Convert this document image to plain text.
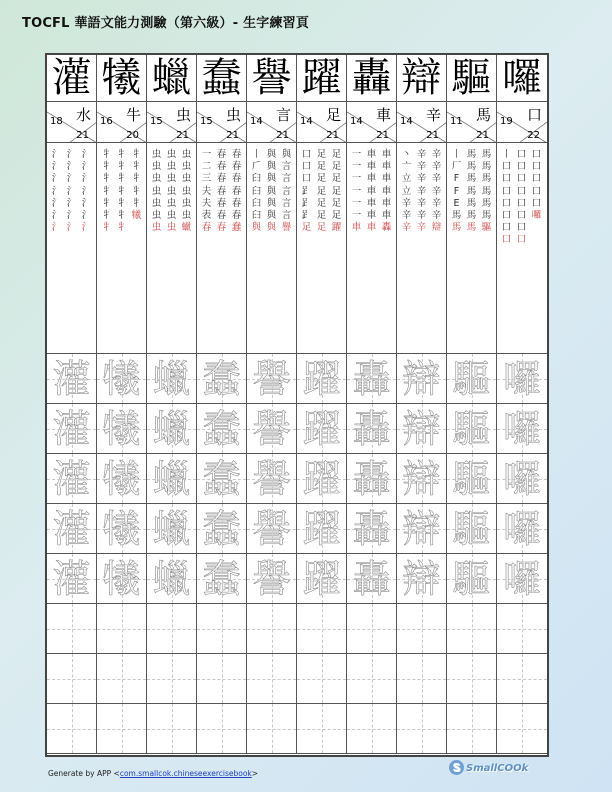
TOCFL 華語文能力測驗（第六級）- 生字練習頁
灌 犧 蠟 蠢 譽 躍 轟 辯 驅 囉
水
18
21
牛
16
20
虫
15
21
虫
15
21
言
14
21
足
14
21
車
14
21
辛
14
21
馬
11
21
口
19
22
氵
氵
氵
氵
氵
氵
氵
氵
氵
氵
氵
氵
氵
氵
氵
氵
氵
氵
氵
氵
氵
牜
牜
牜
牜
牜
牜
牜
牜
牜
牜
牜
牜
牜
牜
牜
牜
牜
牜
牜
犧
虫
虫
虫
虫
虫
虫
虫
虫
虫
虫
虫
虫
虫
虫
虫
虫
虫
虫
虫
虫
蠟
一
二
三
夫
夫
表
春
春
春
春
春
春
春
春
春
春
春
春
春
春
蠢
丨
𠂆
𦥑
𦥑
𦥑
𦥑
與
與
與
與
與
與
與
與
與
言
言
言
言
言
譽
口
口
口
𧾷
𧾷
𧾷
足
足
足
足
足
足
足
足
足
足
足
足
足
足
躍
一
一
一
一
一
一
車
車
車
車
車
車
車
車
車
車
車
車
車
車
轟
丶
亠
立
立
辛
辛
辛
辛
辛
辛
辛
辛
辛
辛
辛
辛
辛
辛
辛
辛
辯
丨
厂
F
F
E
馬
馬
馬
馬
馬
馬
馬
馬
馬
馬
馬
馬
馬
馬
馬
驅
丨
口
口
口
口
口
口
口
口
口
口
口
口
口
口
口
口
口
口
口
口
囉
灌 犧 蠟 蠢 譽 躍 轟 辯 驅 囉
灌 犧 蠟 蠢 譽 躍 轟 辯 驅 囉
灌 犧 蠟 蠢 譽 躍 轟 辯 驅 囉
灌 犧 蠟 蠢 譽 躍 轟 辯 驅 囉
灌 犧 蠟 蠢 譽 躍 轟 辯 驅 囉
Generate by APP <com.smallcok.chineseexercisebook>	S SmallCOOk
